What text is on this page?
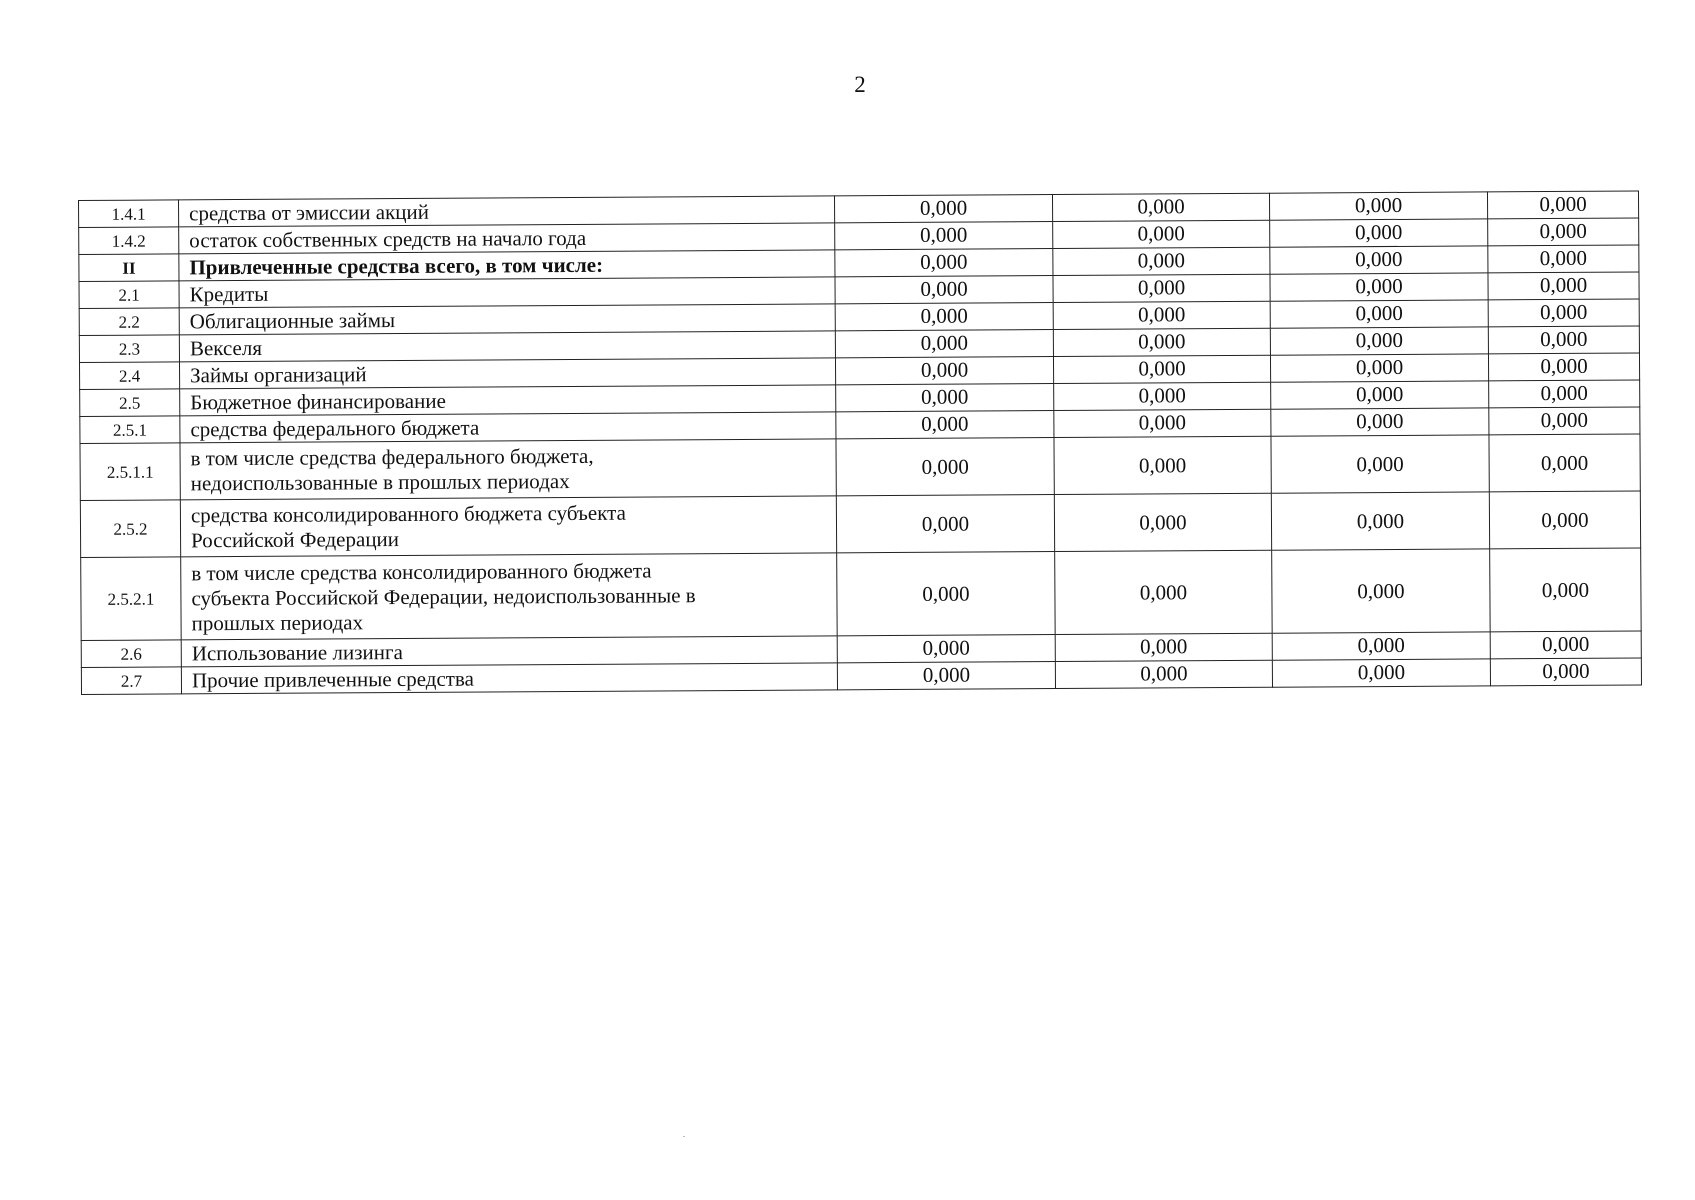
2
1.4.1	средства от эмиссии акций	0,000	0,000	0,000	0,000
1.4.2	остаток собственных средств на начало года	0,000	0,000	0,000	0,000
II	Привлеченные средства всего, в том числе:	0,000	0,000	0,000	0,000
2.1	Кредиты	0,000	0,000	0,000	0,000
2.2	Облигационные займы	0,000	0,000	0,000	0,000
2.3	Векселя	0,000	0,000	0,000	0,000
2.4	Займы организаций	0,000	0,000	0,000	0,000
2.5	Бюджетное финансирование	0,000	0,000	0,000	0,000
2.5.1	средства федерального бюджета	0,000	0,000	0,000	0,000
2.5.1.1	в том числе средства федерального бюджета,
недоиспользованные в прошлых периодах	0,000	0,000	0,000	0,000
2.5.2	средства консолидированного бюджета субъекта
Российской Федерации	0,000	0,000	0,000	0,000
2.5.2.1	в том числе средства консолидированного бюджета
субъекта Российской Федерации, недоиспользованные в
прошлых периодах	0,000	0,000	0,000	0,000
2.6	Использование лизинга	0,000	0,000	0,000	0,000
2.7	Прочие привлеченные средства	0,000	0,000	0,000	0,000
